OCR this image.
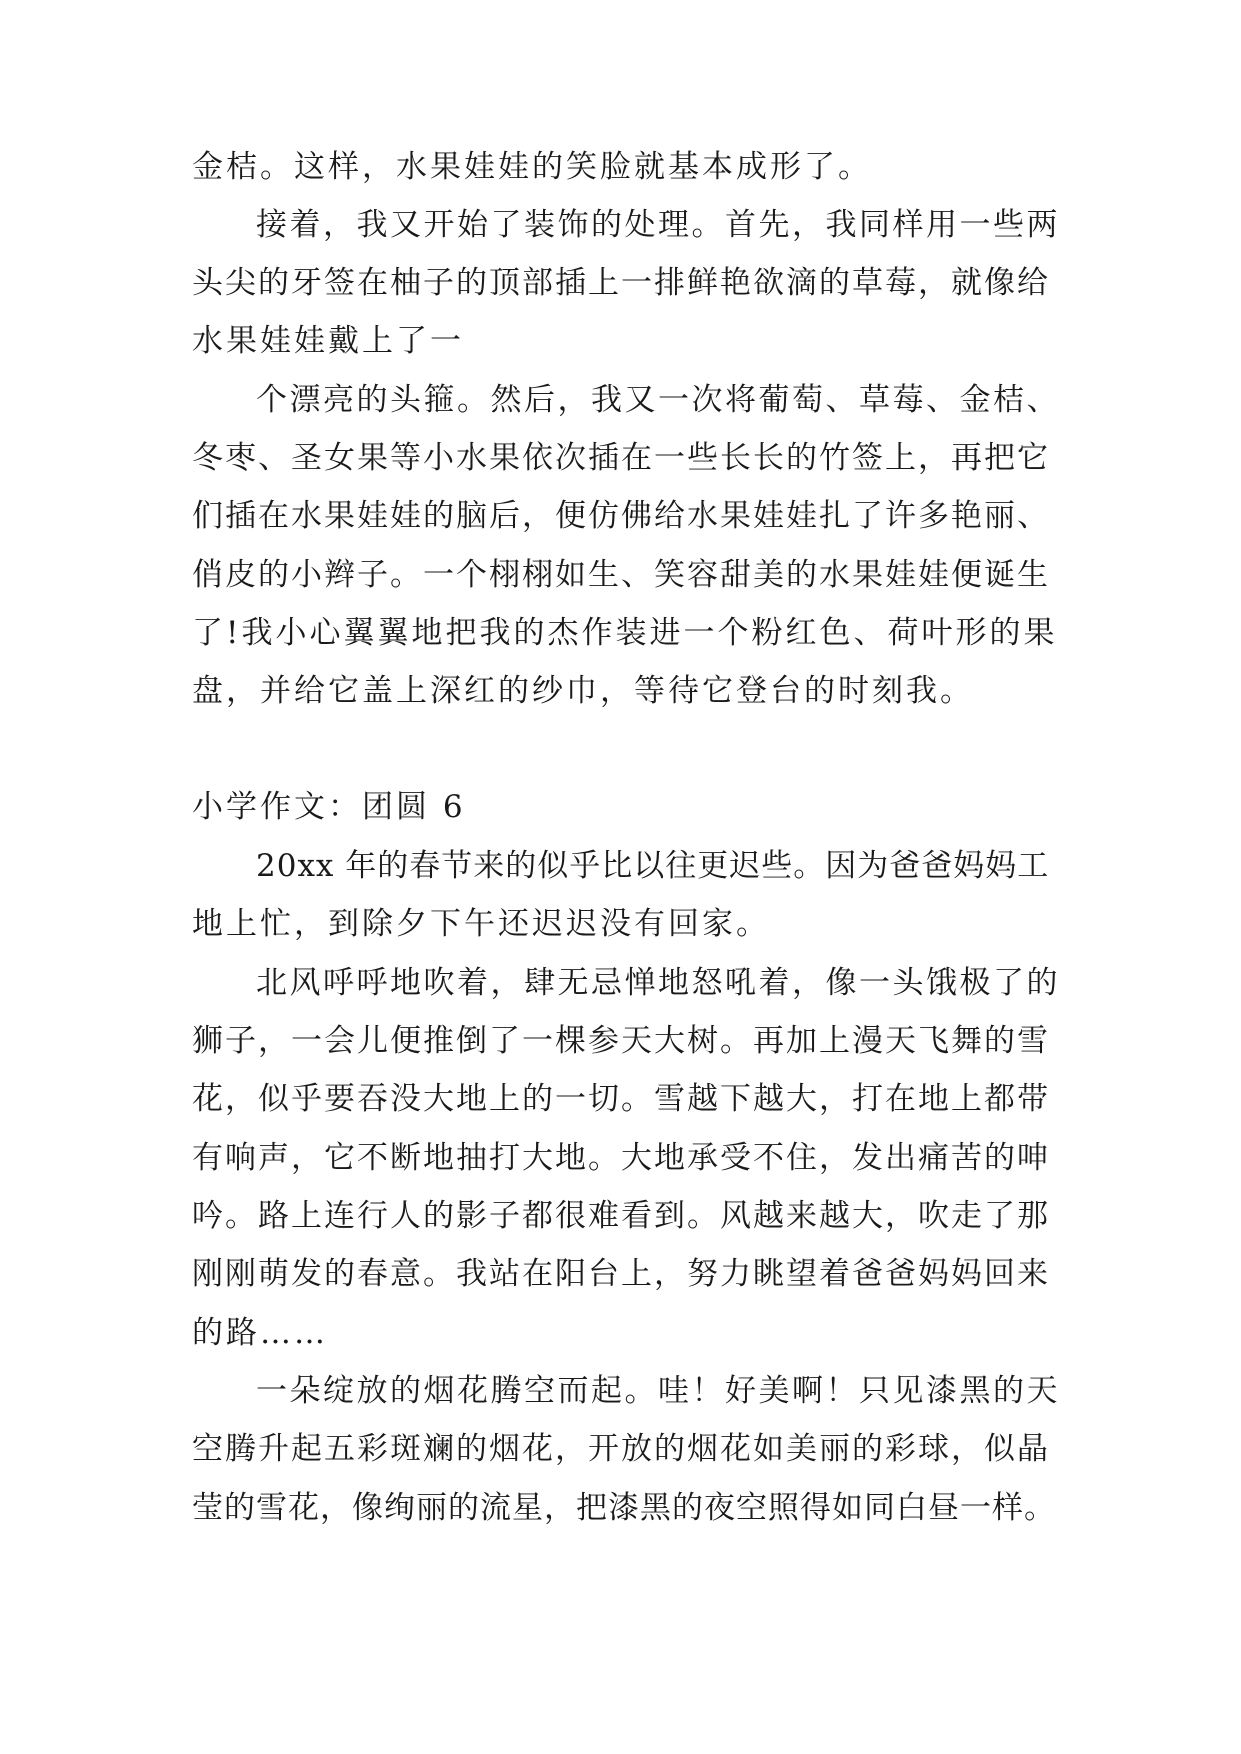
金桔。这样，水果娃娃的笑脸就基本成形了。
接着，我又开始了装饰的处理。首先，我同样用一些两
头尖的牙签在柚子的顶部插上一排鲜艳欲滴的草莓，就像给
水果娃娃戴上了一
个漂亮的头箍。然后，我又一次将葡萄、草莓、金桔、
冬枣、圣女果等小水果依次插在一些长长的竹签上，再把它
们插在水果娃娃的脑后，便仿佛给水果娃娃扎了许多艳丽、
俏皮的小辫子。一个栩栩如生、笑容甜美的水果娃娃便诞生
了!我小心翼翼地把我的杰作装进一个粉红色、荷叶形的果
盘，并给它盖上深红的纱巾，等待它登台的时刻我。
小学作文：团圆 6
20xx 年的春节来的似乎比以往更迟些。因为爸爸妈妈工
地上忙，到除夕下午还迟迟没有回家。
北风呼呼地吹着，肆无忌惮地怒吼着，像一头饿极了的
狮子，一会儿便推倒了一棵参天大树。再加上漫天飞舞的雪
花，似乎要吞没大地上的一切。雪越下越大，打在地上都带
有响声，它不断地抽打大地。大地承受不住，发出痛苦的呻
吟。路上连行人的影子都很难看到。风越来越大，吹走了那
刚刚萌发的春意。我站在阳台上，努力眺望着爸爸妈妈回来
的路……
一朵绽放的烟花腾空而起。哇！好美啊！只见漆黑的天
空腾升起五彩斑斓的烟花，开放的烟花如美丽的彩球，似晶
莹的雪花，像绚丽的流星，把漆黑的夜空照得如同白昼一样。
